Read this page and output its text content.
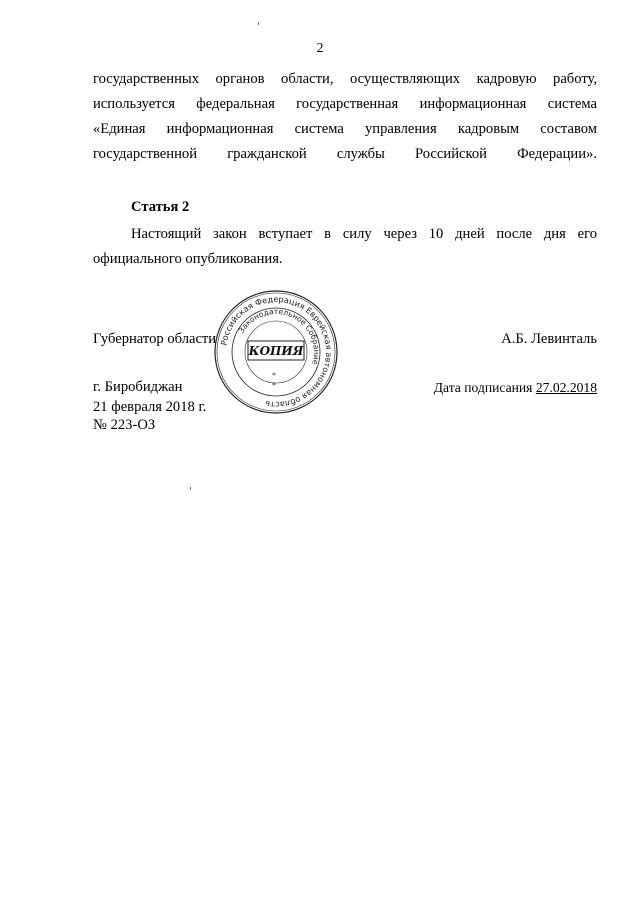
2
государственных органов области, осуществляющих кадровую работу,
используется федеральная государственная информационная система
«Единая информационная система управления кадровым составом
государственной гражданской службы Российской Федерации».
Статья 2
Настоящий закон вступает в силу через 10 дней после дня его
официального опубликования.
Губернатор области	А.Б. Левинталь
г. Биробиджан
21 февраля 2018 г.
№ 223-ОЗ
Дата подписания 27.02.2018
Российская Федерация Еврейская автономная область
Законодательное Собрание
КОПИЯ
*
*
